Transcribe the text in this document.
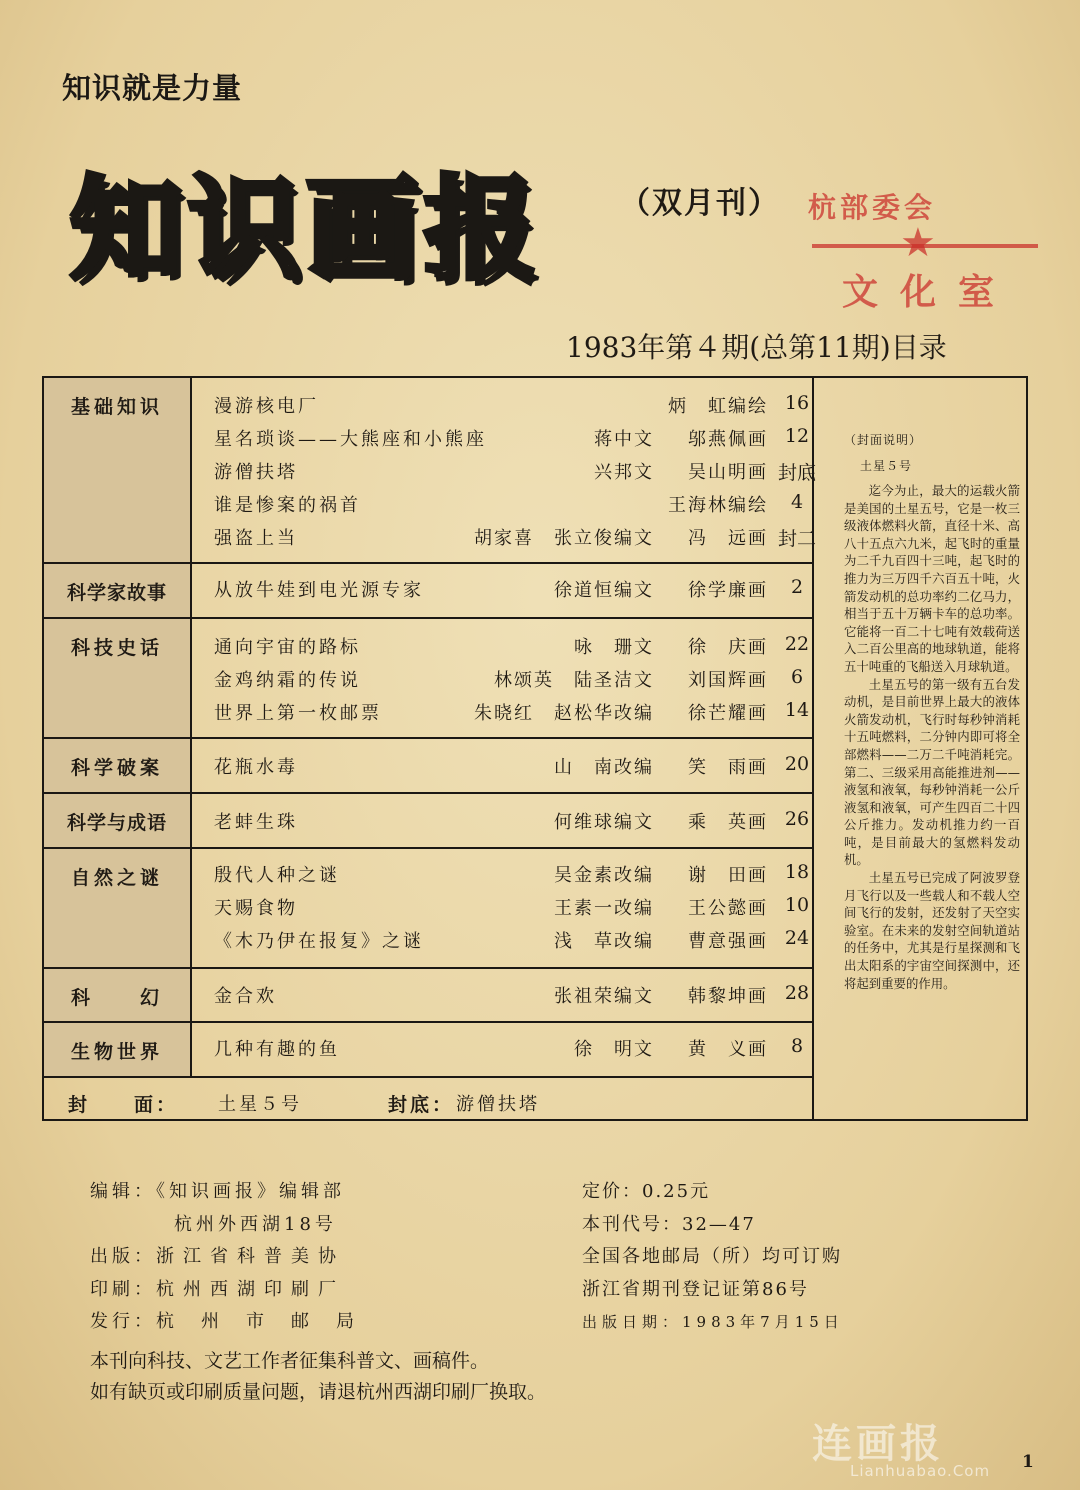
知识就是力量
知识画报	（双月刊） 杭部委会
★
文化室
1983年第４期(总第11期)目录
基础知识	漫游核电厂	炳　虹编绘 16
星名琐谈——大熊座和小熊座	蒋中文	邬燕佩画 12
游僧扶塔	兴邦文	吴山明画 封底
谁是惨案的祸首	王海林编绘	4
强盗上当	胡家喜　张立俊编文	冯　远画 封二
科学家故事	从放牛娃到电光源专家	徐道恒编文	徐学廉画	2
科技史话	通向宇宙的路标	咏　珊文	徐　庆画 22
金鸡纳霜的传说	林颂英　陆圣洁文	刘国辉画	6
世界上第一枚邮票	朱晓红　赵松华改编	徐芒耀画 14
科学破案	花瓶水毒	山　南改编	笑　雨画 20
科学与成语	老蚌生珠	何维球编文	乘　英画 26
自然之谜	殷代人种之谜	吴金素改编	谢　田画 18
天赐食物	王素一改编	王公懿画 10
《木乃伊在报复》之谜	浅　草改编	曹意强画 24
科　　幻	金合欢	张祖荣编文	韩黎坤画 28
生物世界	几种有趣的鱼	徐　明文	黄　义画	8
封　　面： 土星５号	封底： 游僧扶塔
（封面说明）
土星５号

迄今为止，最大的运载火箭是美国的土星五号，它是一枚三级液体燃料火箭，直径十米、高八十五点六九米，起飞时的重量为二千九百四十三吨，起飞时的推力为三万四千六百五十吨，火箭发动机的总功率约二亿马力，相当于五十万辆卡车的总功率。它能将一百二十七吨有效载荷送入二百公里高的地球轨道，能将五十吨重的飞船送入月球轨道。

土星五号的第一级有五台发动机，是目前世界上最大的液体火箭发动机，飞行时每秒钟消耗十五吨燃料，二分钟内即可将全部燃料——二万二千吨消耗完。第二、三级采用高能推进剂——液氢和液氧，每秒钟消耗一公斤液氢和液氧，可产生四百二十四公斤推力。发动机推力约一百吨，是目前最大的氢燃料发动机。

土星五号已完成了阿波罗登月飞行以及一些载人和不载人空间飞行的发射，还发射了天空实验室。在未来的发射空间轨道站的任务中，尤其是行星探测和飞出太阳系的宇宙空间探测中，还将起到重要的作用。

编辑：《知识画报》编辑部
杭州外西湖18号
出版：浙江省科普美协
印刷：杭州西湖印刷厂
发行：杭州市邮局
定价：0.25元
本刊代号：32—47
全国各地邮局（所）均可订购
浙江省期刊登记证第86号
出版日期：1983年7月15日
本刊向科技、文艺工作者征集科普文、画稿件。
如有缺页或印刷质量问题，请退杭州西湖印刷厂换取。
连画报
Lianhuabao.Com 1
